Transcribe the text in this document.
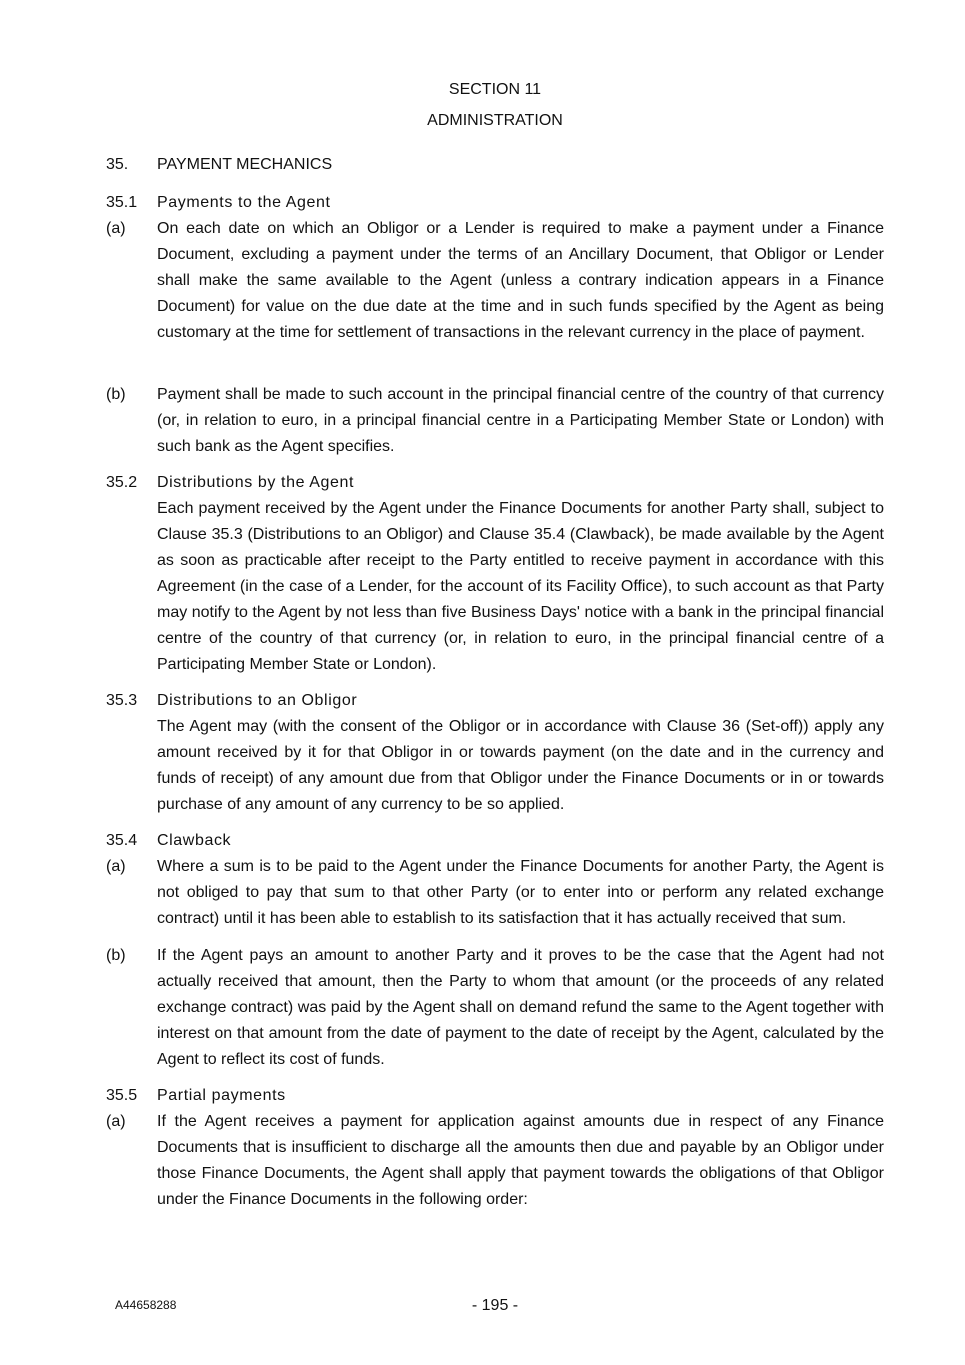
SECTION 11
ADMINISTRATION
35. PAYMENT MECHANICS
35.1 Payments to the Agent
(a) On each date on which an Obligor or a Lender is required to make a payment under a Finance Document, excluding a payment under the terms of an Ancillary Document, that Obligor or Lender shall make the same available to the Agent (unless a contrary indication appears in a Finance Document) for value on the due date at the time and in such funds specified by the Agent as being customary at the time for settlement of transactions in the relevant currency in the place of payment.
(b) Payment shall be made to such account in the principal financial centre of the country of that currency (or, in relation to euro, in a principal financial centre in a Participating Member State or London) with such bank as the Agent specifies.
35.2 Distributions by the Agent
Each payment received by the Agent under the Finance Documents for another Party shall, subject to Clause 35.3 (Distributions to an Obligor) and Clause 35.4 (Clawback), be made available by the Agent as soon as practicable after receipt to the Party entitled to receive payment in accordance with this Agreement (in the case of a Lender, for the account of its Facility Office), to such account as that Party may notify to the Agent by not less than five Business Days' notice with a bank in the principal financial centre of the country of that currency (or, in relation to euro, in the principal financial centre of a Participating Member State or London).
35.3 Distributions to an Obligor
The Agent may (with the consent of the Obligor or in accordance with Clause 36 (Set-off)) apply any amount received by it for that Obligor in or towards payment (on the date and in the currency and funds of receipt) of any amount due from that Obligor under the Finance Documents or in or towards purchase of any amount of any currency to be so applied.
35.4 Clawback
(a) Where a sum is to be paid to the Agent under the Finance Documents for another Party, the Agent is not obliged to pay that sum to that other Party (or to enter into or perform any related exchange contract) until it has been able to establish to its satisfaction that it has actually received that sum.
(b) If the Agent pays an amount to another Party and it proves to be the case that the Agent had not actually received that amount, then the Party to whom that amount (or the proceeds of any related exchange contract) was paid by the Agent shall on demand refund the same to the Agent together with interest on that amount from the date of payment to the date of receipt by the Agent, calculated by the Agent to reflect its cost of funds.
35.5 Partial payments
(a) If the Agent receives a payment for application against amounts due in respect of any Finance Documents that is insufficient to discharge all the amounts then due and payable by an Obligor under those Finance Documents, the Agent shall apply that payment towards the obligations of that Obligor under the Finance Documents in the following order:
A44658288	- 195 -
